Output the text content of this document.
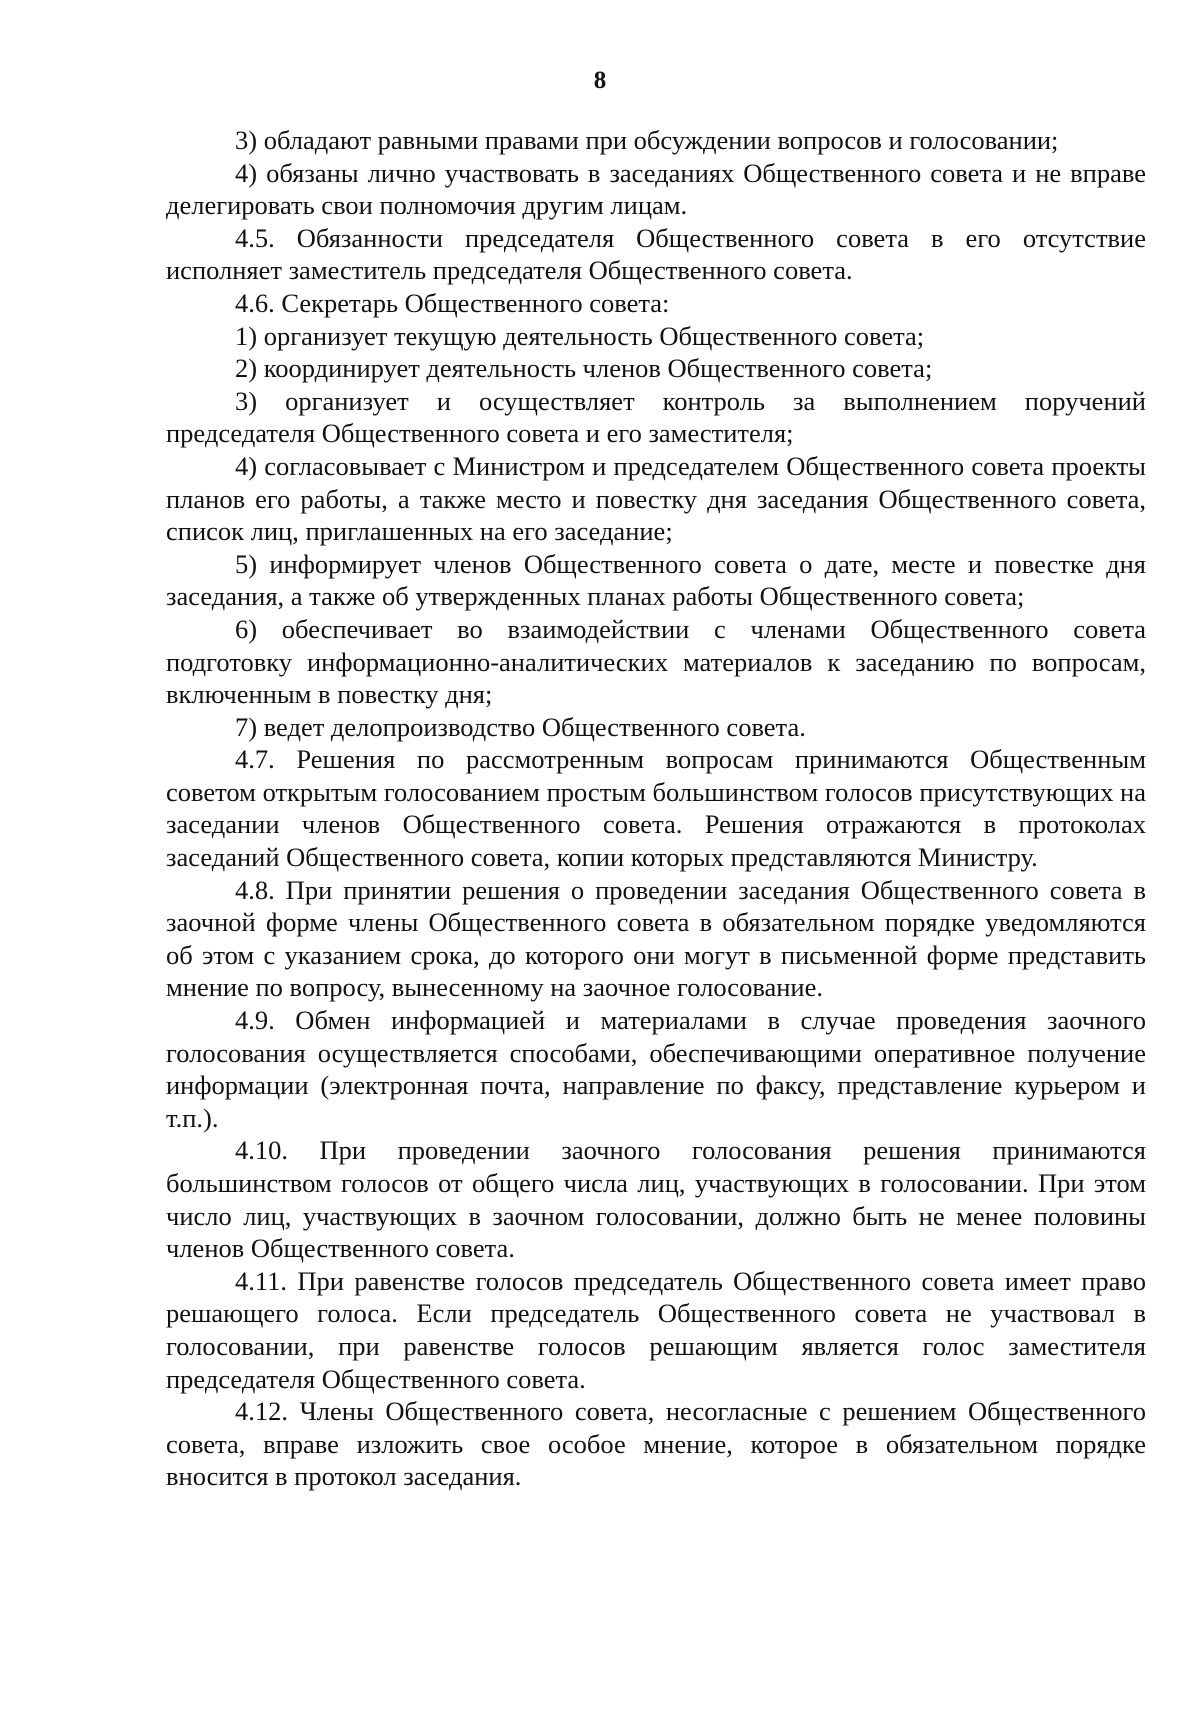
8

3) обладают равными правами при обсуждении вопросов и голосовании;

4) обязаны лично участвовать в заседаниях Общественного совета и не вправе делегировать свои полномочия другим лицам.

4.5. Обязанности председателя Общественного совета в его отсутствие исполняет заместитель председателя Общественного совета.

4.6. Секретарь Общественного совета:

1) организует текущую деятельность Общественного совета;

2) координирует деятельность членов Общественного совета;

3) организует и осуществляет контроль за выполнением поручений председателя Общественного совета и его заместителя;

4) согласовывает с Министром и председателем Общественного совета проекты планов его работы, а также место и повестку дня заседания Общественного совета, список лиц, приглашенных на его заседание;

5) информирует членов Общественного совета о дате, месте и повестке дня заседания, а также об утвержденных планах работы Общественного совета;

6) обеспечивает во взаимодействии с членами Общественного совета подготовку информационно-аналитических материалов к заседанию по вопросам, включенным в повестку дня;

7) ведет делопроизводство Общественного совета.

4.7. Решения по рассмотренным вопросам принимаются Общественным советом открытым голосованием простым большинством голосов присутствующих на заседании членов Общественного совета. Решения отражаются в протоколах заседаний Общественного совета, копии которых представляются Министру.

4.8. При принятии решения о проведении заседания Общественного совета в заочной форме члены Общественного совета в обязательном порядке уведомляются об этом с указанием срока, до которого они могут в письменной форме представить мнение по вопросу, вынесенному на заочное голосование.

4.9. Обмен информацией и материалами в случае проведения заочного голосования осуществляется способами, обеспечивающими оперативное получение информации (электронная почта, направление по факсу, представление курьером и т.п.).

4.10. При проведении заочного голосования решения принимаются большинством голосов от общего числа лиц, участвующих в голосовании. При этом число лиц, участвующих в заочном голосовании, должно быть не менее половины членов Общественного совета.

4.11. При равенстве голосов председатель Общественного совета имеет право решающего голоса. Если председатель Общественного совета не участвовал в голосовании, при равенстве голосов решающим является голос заместителя председателя Общественного совета.

4.12. Члены Общественного совета, несогласные с решением Общественного совета, вправе изложить свое особое мнение, которое в обязательном порядке вносится в протокол заседания.
